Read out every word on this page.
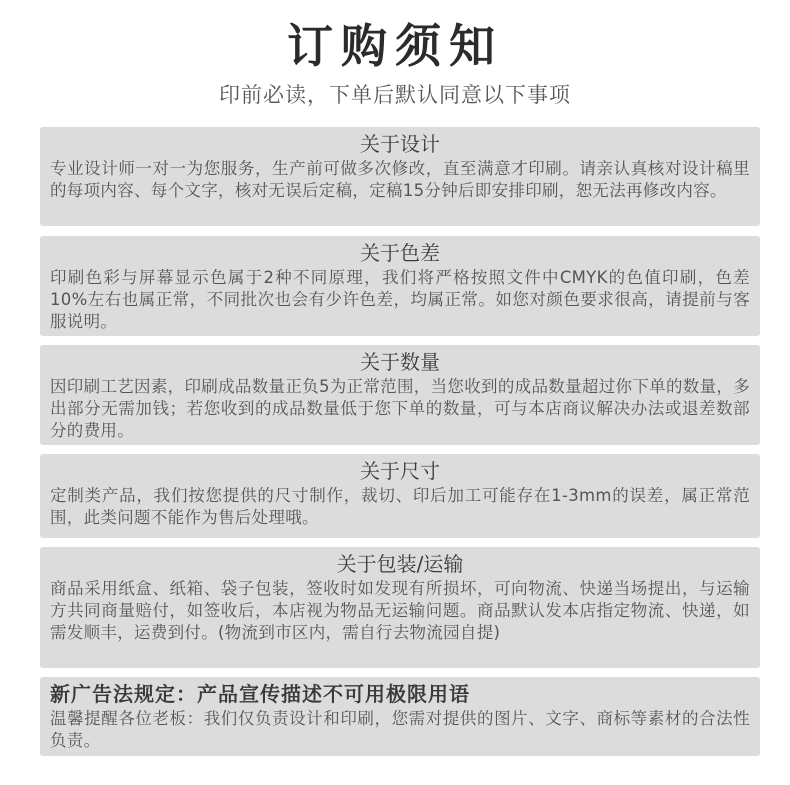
订购须知
印前必读，下单后默认同意以下事项
关于设计
专业设计师一对一为您服务，生产前可做多次修改，直至满意才印刷。请亲认真核对设计稿里的每项内容、每个文字，核对无误后定稿，定稿15分钟后即安排印刷，恕无法再修改内容。
关于色差
印刷色彩与屏幕显示色属于2种不同原理，我们将严格按照文件中CMYK的色值印刷，色差10%左右也属正常，不同批次也会有少许色差，均属正常。如您对颜色要求很高，请提前与客服说明。
关于数量
因印刷工艺因素，印刷成品数量正负5为正常范围，当您收到的成品数量超过你下单的数量，多出部分无需加钱；若您收到的成品数量低于您下单的数量，可与本店商议解决办法或退差数部分的费用。
关于尺寸
定制类产品，我们按您提供的尺寸制作，裁切、印后加工可能存在1-3mm的误差，属正常范围，此类问题不能作为售后处理哦。
关于包装/运输
商品采用纸盒、纸箱、袋子包装，签收时如发现有所损坏，可向物流、快递当场提出，与运输方共同商量赔付，如签收后，本店视为物品无运输问题。商品默认发本店指定物流、快递，如需发顺丰，运费到付。(物流到市区内，需自行去物流园自提)
新广告法规定：产品宣传描述不可用极限用语
温馨提醒各位老板：我们仅负责设计和印刷，您需对提供的图片、文字、商标等素材的合法性负责。
